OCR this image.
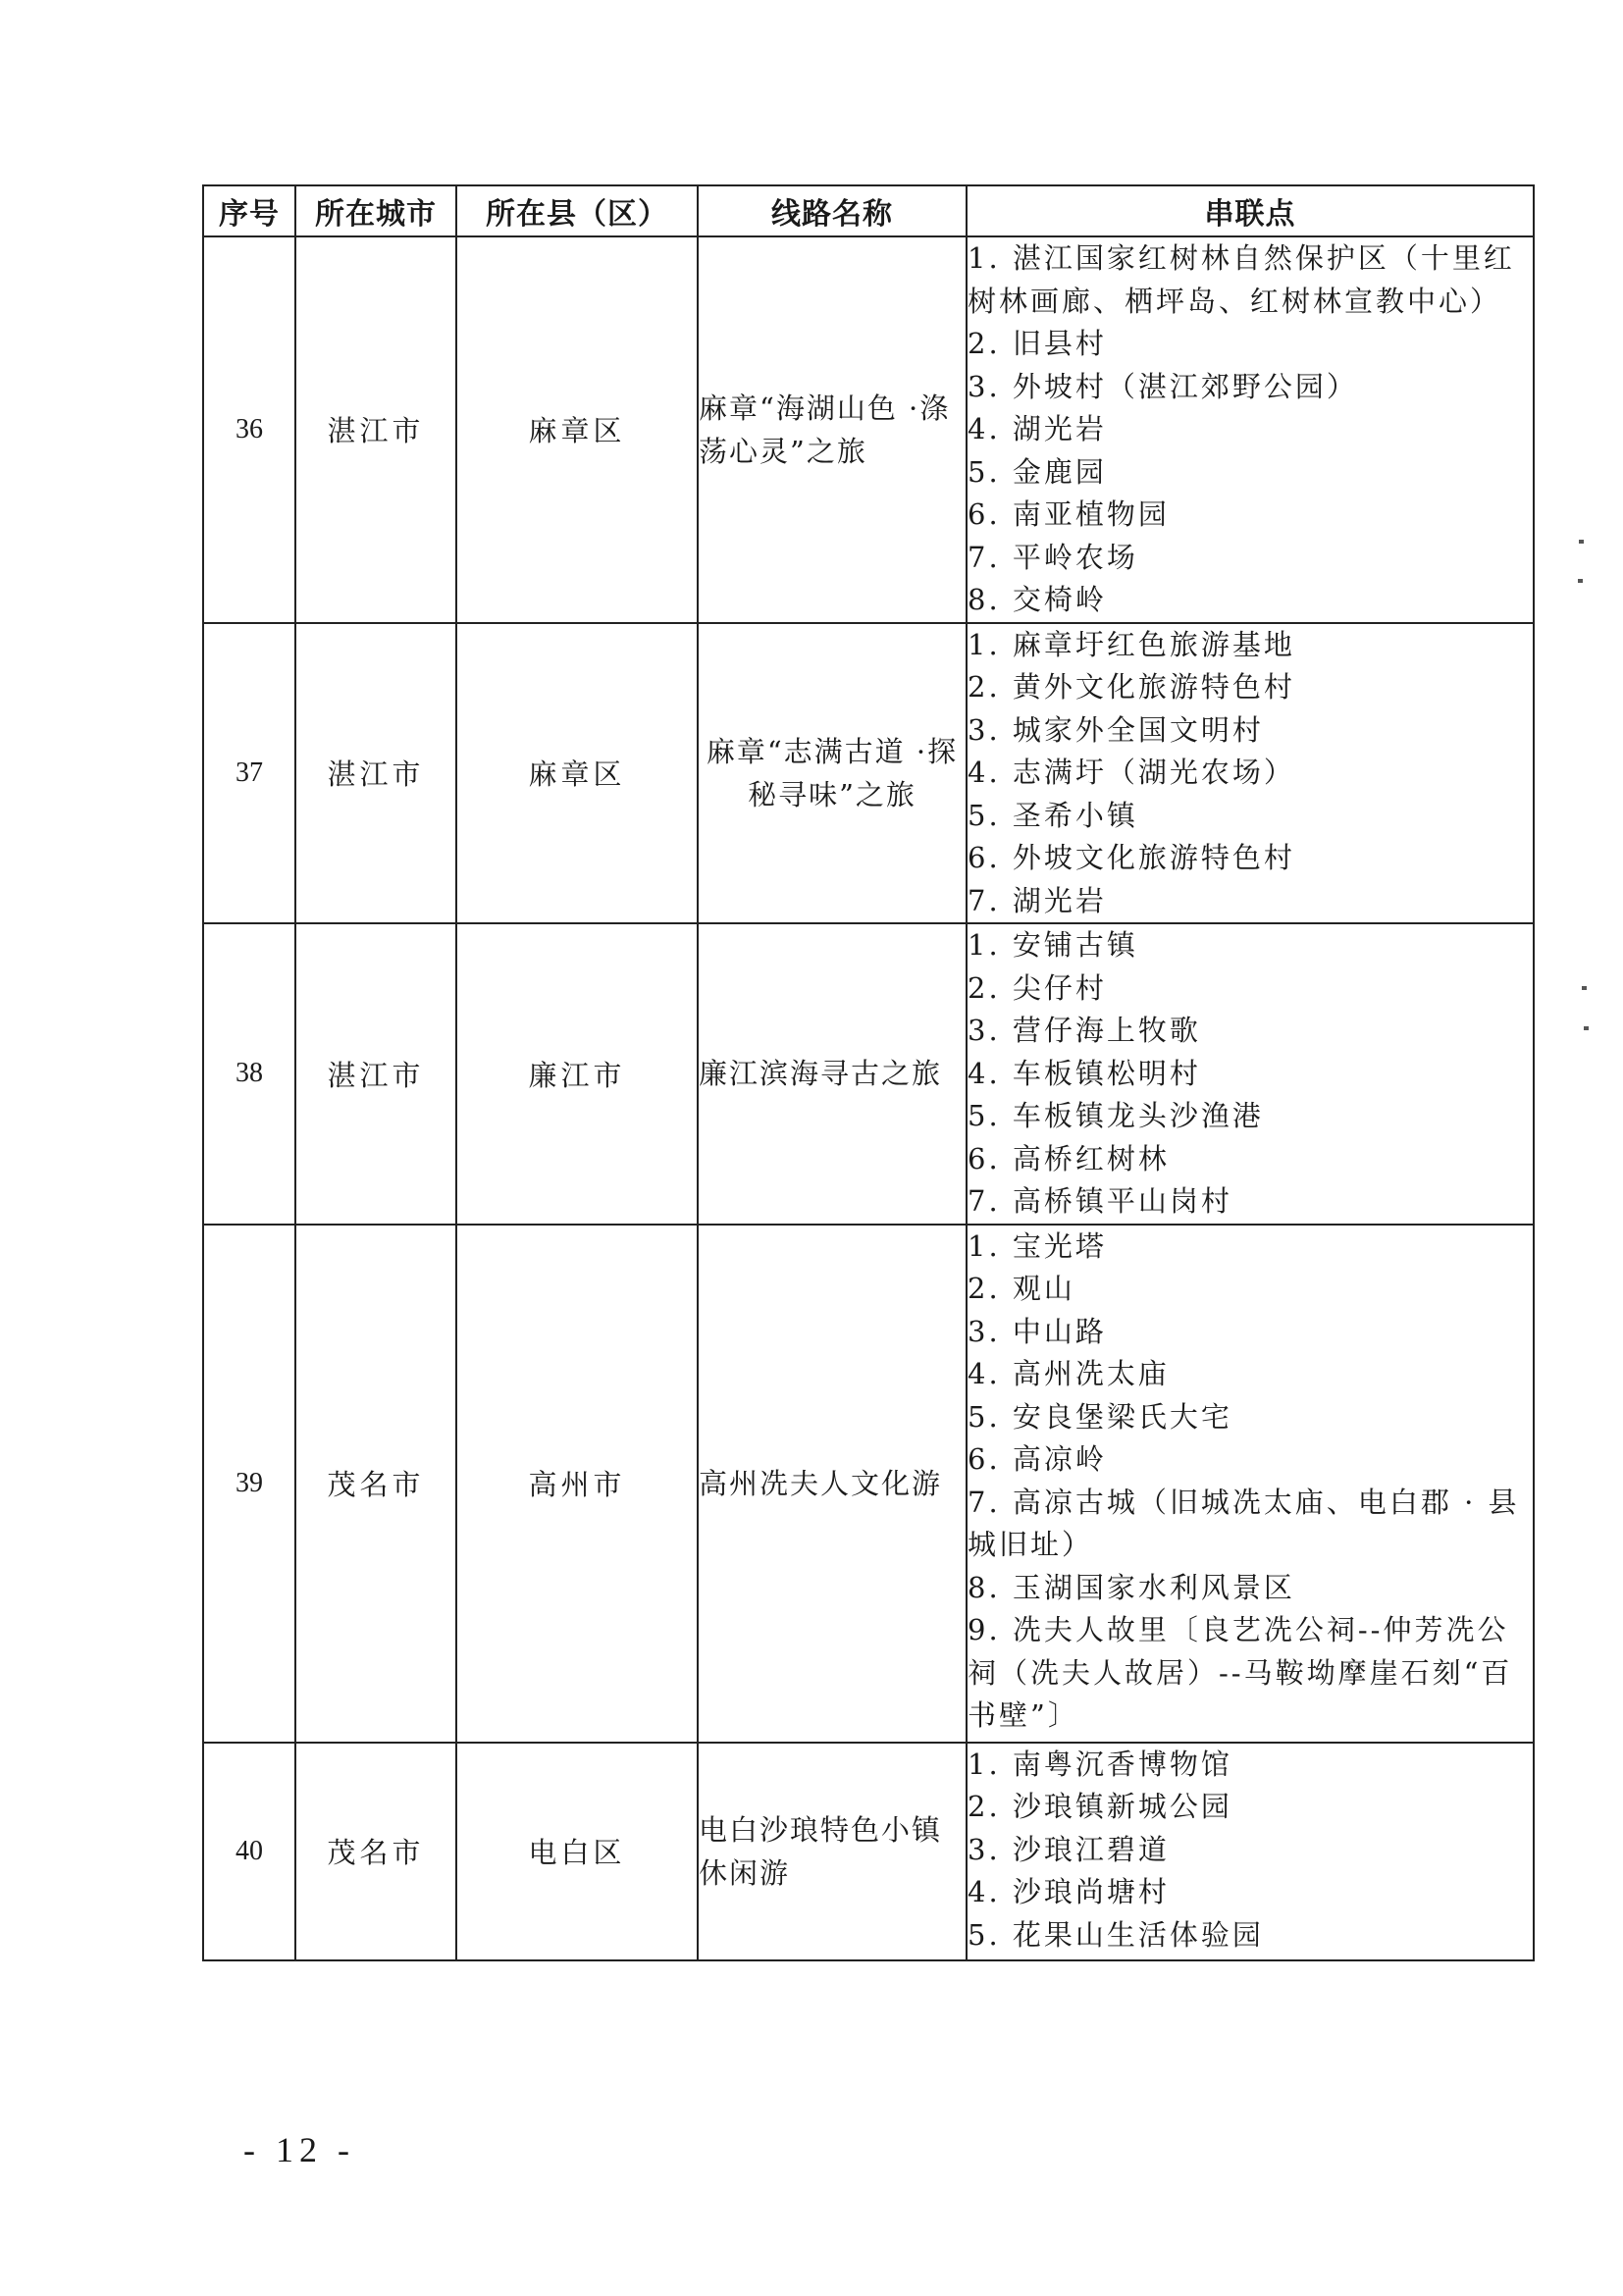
序号	所在城市	所在县（区）	线路名称	串联点
36	湛江市	麻章区	麻章“海湖山色 ·涤荡心灵”之旅	
1. 湛江国家红树林自然保护区（十里红树林画廊、栖坪岛、红树林宣教中心）
2. 旧县村
3. 外坡村（湛江郊野公园）
4. 湖光岩
5. 金鹿园
6. 南亚植物园
7. 平岭农场
8. 交椅岭

37	湛江市	麻章区	麻章“志满古道 ·探秘寻味”之旅	
1. 麻章圩红色旅游基地
2. 黄外文化旅游特色村
3. 城家外全国文明村
4. 志满圩（湖光农场）
5. 圣希小镇
6. 外坡文化旅游特色村
7. 湖光岩

38	湛江市	廉江市	廉江滨海寻古之旅	
1. 安铺古镇
2. 尖仔村
3. 营仔海上牧歌
4. 车板镇松明村
5. 车板镇龙头沙渔港
6. 高桥红树林
7. 高桥镇平山岗村

39	茂名市	高州市	高州冼夫人文化游	
1. 宝光塔
2. 观山
3. 中山路
4. 高州冼太庙
5. 安良堡梁氏大宅
6. 高凉岭
7. 高凉古城（旧城冼太庙、电白郡 · 县城旧址）
8. 玉湖国家水利风景区
9. 冼夫人故里〔良艺冼公祠--仲芳冼公祠（冼夫人故居）--马鞍坳摩崖石刻“百书壁”〕

40	茂名市	电白区	电白沙琅特色小镇休闲游	1. 南粤沉香博物馆
2. 沙琅镇新城公园
3. 沙琅江碧道
4. 沙琅尚塘村
5. 花果山生活体验园
- 12 -
